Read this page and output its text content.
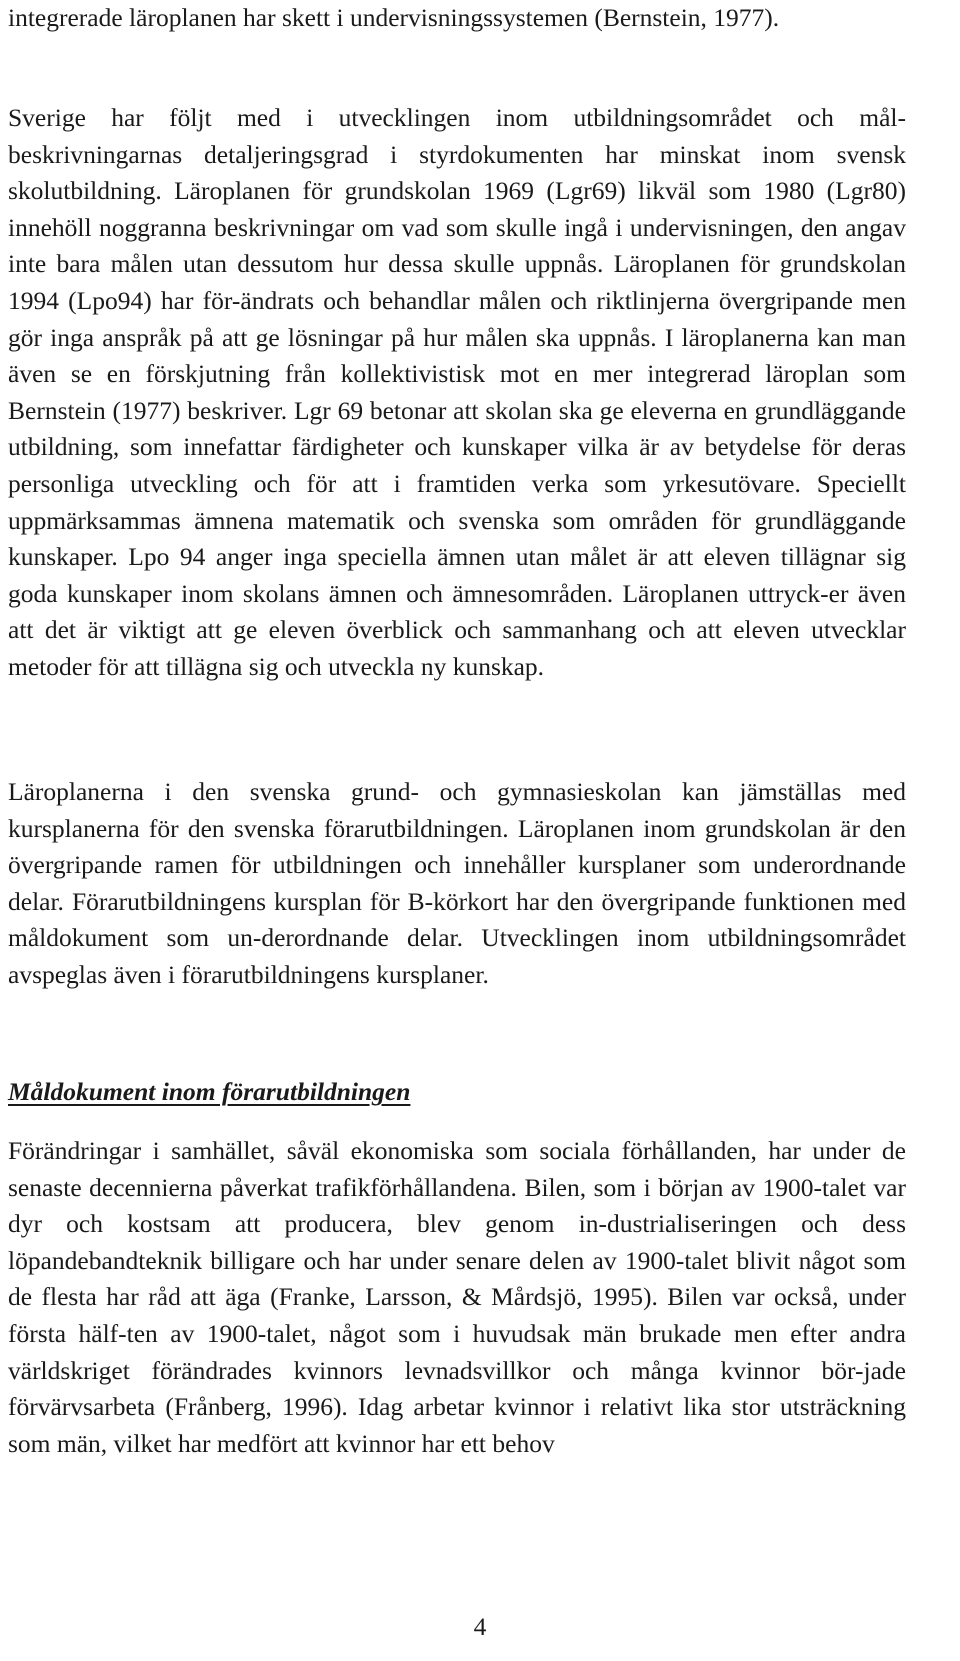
integrerade läroplanen har skett i undervisningssystemen (Bernstein, 1977).

Sverige har följt med i utvecklingen inom utbildningsområdet och mål-beskrivningarnas detaljeringsgrad i styrdokumenten har minskat inom svensk skolutbildning. Läroplanen för grundskolan 1969 (Lgr69) likväl som 1980 (Lgr80) innehöll noggranna beskrivningar om vad som skulle ingå i undervisningen, den angav inte bara målen utan dessutom hur dessa skulle uppnås. Läroplanen för grundskolan 1994 (Lpo94) har för-ändrats och behandlar målen och riktlinjerna övergripande men gör inga anspråk på att ge lösningar på hur målen ska uppnås. I läroplanerna kan man även se en förskjutning från kollektivistisk mot en mer integrerad läroplan som Bernstein (1977) beskriver. Lgr 69 betonar att skolan ska ge eleverna en grundläggande utbildning, som innefattar färdigheter och kunskaper vilka är av betydelse för deras personliga utveckling och för att i framtiden verka som yrkesutövare. Speciellt uppmärksammas ämnena matematik och svenska som områden för grundläggande kunskaper. Lpo 94 anger inga speciella ämnen utan målet är att eleven tillägnar sig goda kunskaper inom skolans ämnen och ämnesområden. Läroplanen uttryck-er även att det är viktigt att ge eleven överblick och sammanhang och att eleven utvecklar metoder för att tillägna sig och utveckla ny kunskap.

Läroplanerna i den svenska grund- och gymnasieskolan kan jämställas med kursplanerna för den svenska förarutbildningen. Läroplanen inom grundskolan är den övergripande ramen för utbildningen och innehåller kursplaner som underordnande delar. Förarutbildningens kursplan för B-körkort har den övergripande funktionen med måldokument som un-derordnande delar. Utvecklingen inom utbildningsområdet avspeglas även i förarutbildningens kursplaner.

Måldokument inom förarutbildningen

Förändringar i samhället, såväl ekonomiska som sociala förhållanden, har under de senaste decennierna påverkat trafikförhållandena. Bilen, som i början av 1900-talet var dyr och kostsam att producera, blev genom in-dustrialiseringen och dess löpandebandteknik billigare och har under senare delen av 1900-talet blivit något som de flesta har råd att äga (Franke, Larsson, & Mårdsjö, 1995). Bilen var också, under första hälf-ten av 1900-talet, något som i huvudsak män brukade men efter andra världskriget förändrades kvinnors levnadsvillkor och många kvinnor bör-jade förvärvsarbeta (Frånberg, 1996). Idag arbetar kvinnor i relativt lika stor utsträckning som män, vilket har medfört att kvinnor har ett behov

4
